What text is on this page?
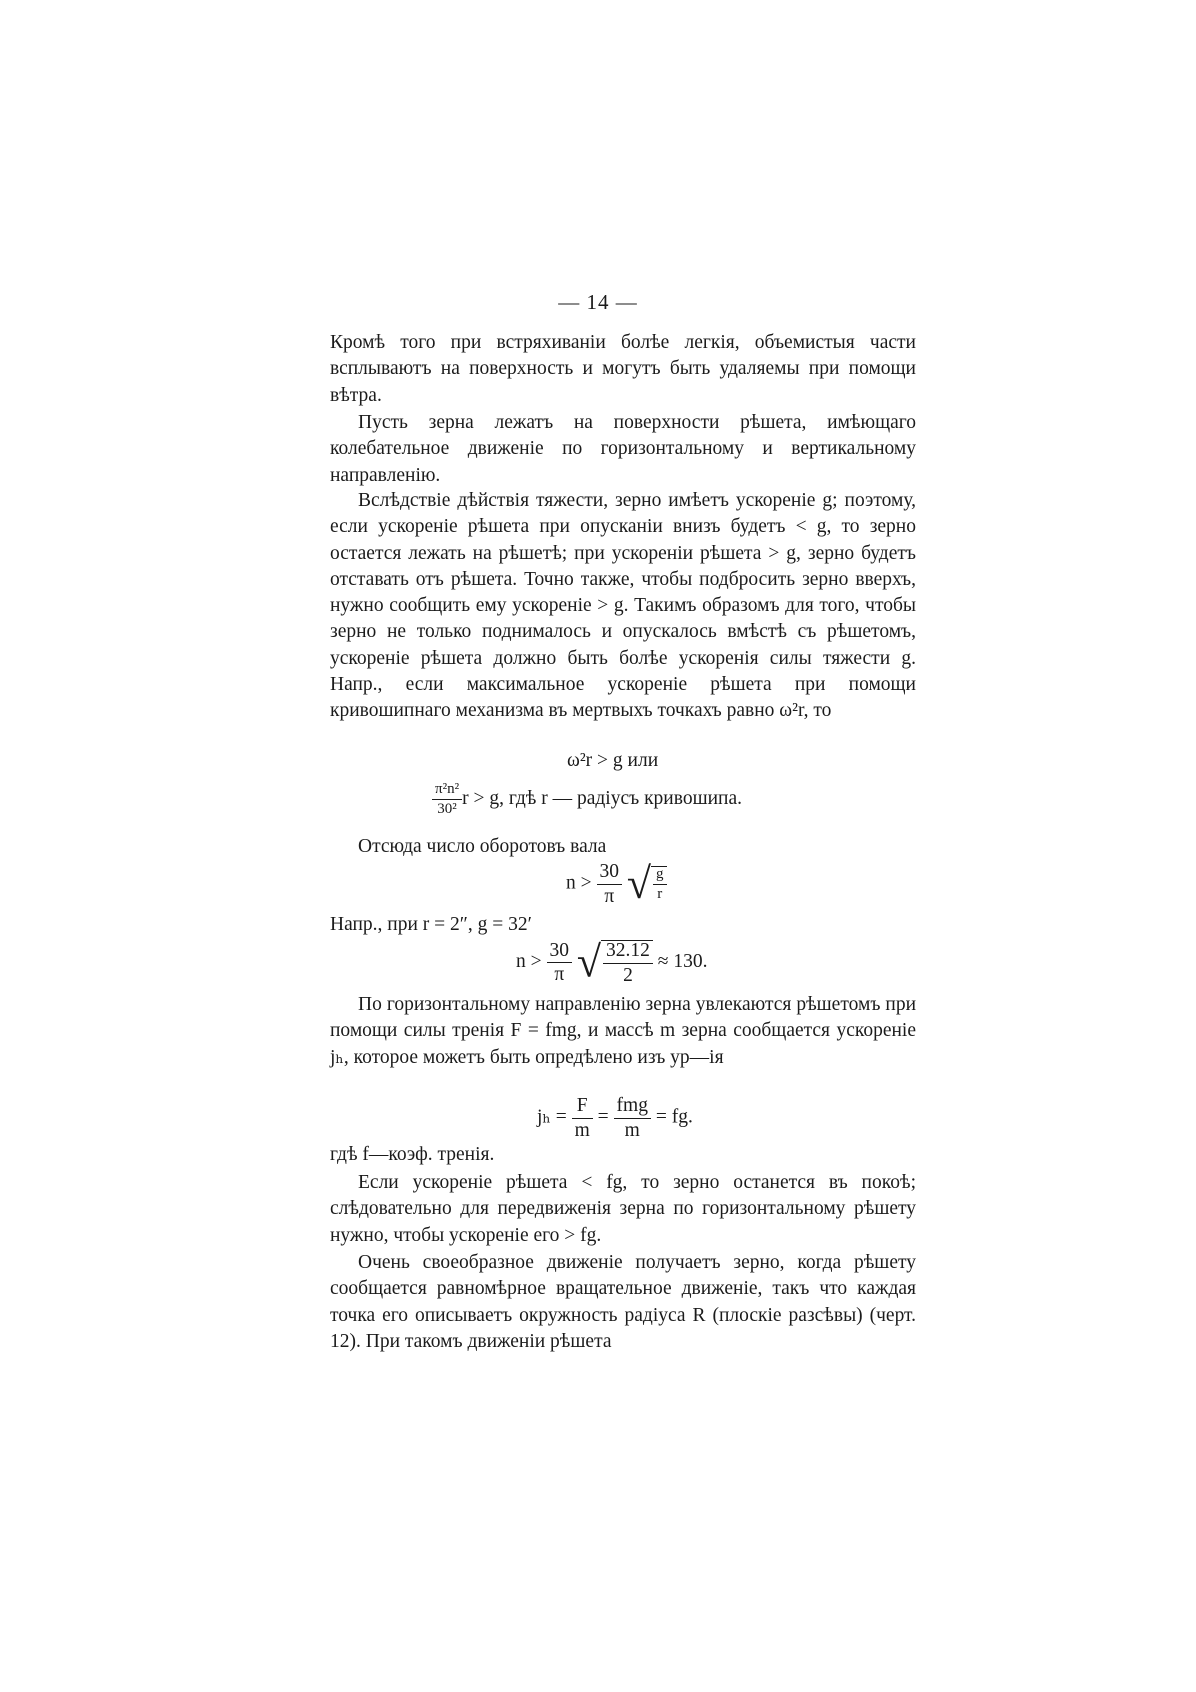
— 14 —
Кромѣ того при встряхиваніи болѣе легкія, объемистыя части всплываютъ на поверхность и могутъ быть удаляемы при помощи вѣтра.
Пусть зерна лежатъ на поверхности рѣшета, имѣющаго колебательное движеніе по горизонтальному и вертикальному направленію.
Вслѣдствіе дѣйствія тяжести, зерно имѣетъ ускореніе g; поэтому, если ускореніе рѣшета при опусканіи внизъ будетъ < g, то зерно остается лежать на рѣшетѣ; при ускореніи рѣшета > g, зерно будетъ отставать отъ рѣшета. Точно также, чтобы подбросить зерно вверхъ, нужно сообщить ему ускореніе > g. Такимъ образомъ для того, чтобы зерно не только поднималось и опускалось вмѣстѣ съ рѣшетомъ, ускореніе рѣшета должно быть болѣе ускоренія силы тяжести g. Напр., если максимальное ускореніе рѣшета при помощи кривошипнаго механизма въ мертвыхъ точкахъ равно ω²r, то
ω²r > g или
$\frac{\text{π²n²}}{\text{30²}}$ r > g, гдѣ r — радіусъ кривошипа.
Отсюда число оборотовъ вала
$n > \frac{30}{\pi}$ √ $\frac{g}{r}$
Напр., при r = 2″, g = 32′
$n > \frac{30}{\pi}$ √ $\frac{32.12}{2} \approx 130$.
По горизонтальному направленію зерна увлекаются рѣшетомъ при помощи силы тренія F = fmg, и массѣ m зерна сообщается ускореніе jₕ, которое можетъ быть опредѣлено изъ ур—ія
$j_h = \frac{F}{m} = \frac{\text{fmg}}{m}$ = fg.
гдѣ f—коэф. тренія.
Если ускореніе рѣшета < fg, то зерно останется въ покоѣ; слѣдовательно для передвиженія зерна по горизонтальному рѣшету нужно, чтобы ускореніе его > fg.
Очень своеобразное движеніе получаетъ зерно, когда рѣшету сообщается равномѣрное вращательное движеніе, такъ что каждая точка его описываетъ окружность радіуса R (плоскіе разсѣвы) (черт. 12). При такомъ движеніи рѣшета
